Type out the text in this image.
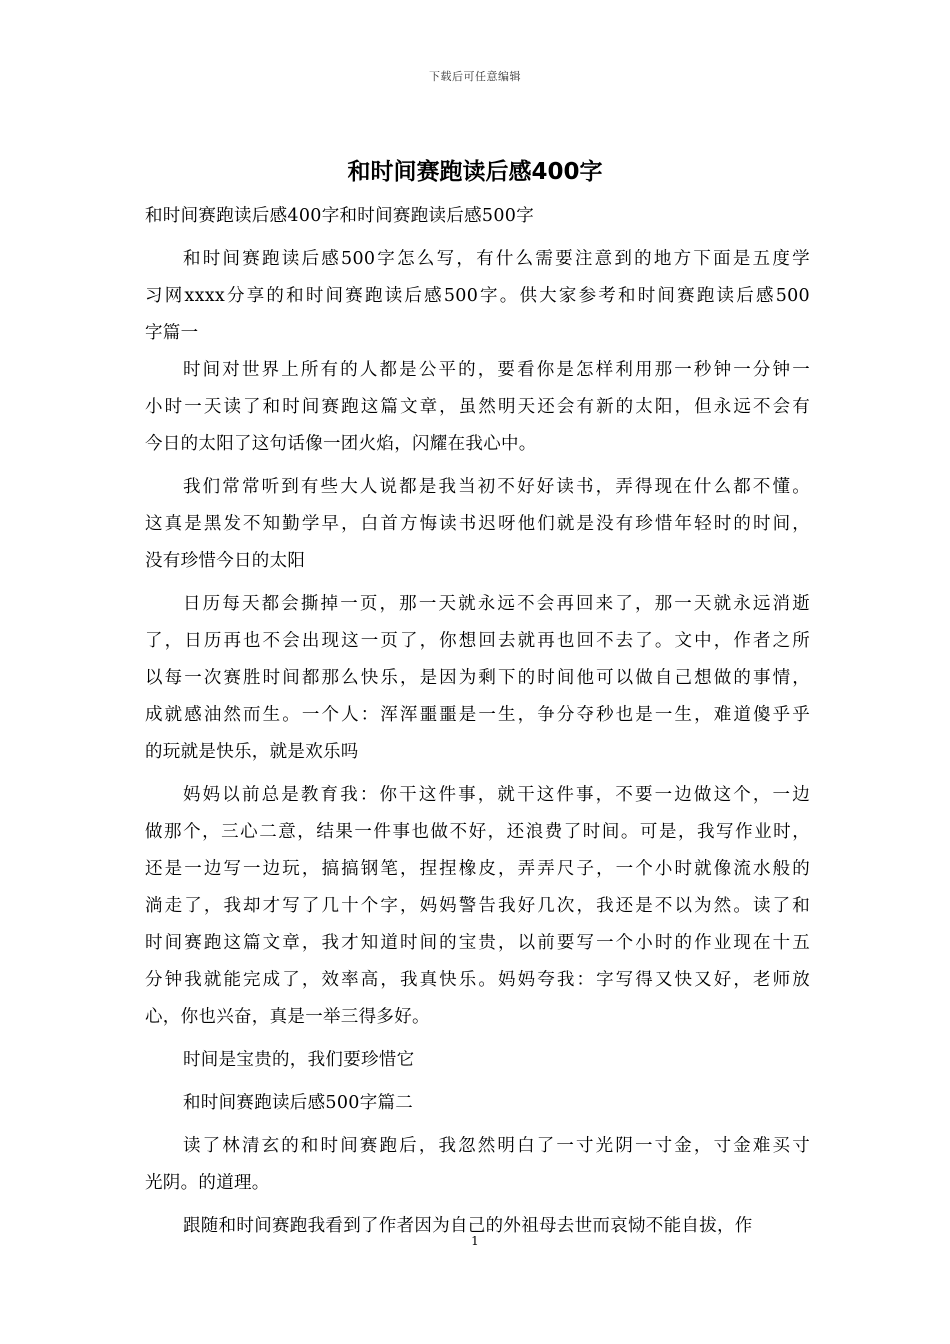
下载后可任意编辑
和时间赛跑读后感400字
和时间赛跑读后感400字和时间赛跑读后感500字
和时间赛跑读后感500字怎么写，有什么需要注意到的地方下面是五度学
习网xxxx分享的和时间赛跑读后感500字。供大家参考和时间赛跑读后感500
字篇一
时间对世界上所有的人都是公平的，要看你是怎样利用那一秒钟一分钟一
小时一天读了和时间赛跑这篇文章，虽然明天还会有新的太阳，但永远不会有
今日的太阳了这句话像一团火焰，闪耀在我心中。
我们常常听到有些大人说都是我当初不好好读书，弄得现在什么都不懂。
这真是黑发不知勤学早，白首方悔读书迟呀他们就是没有珍惜年轻时的时间，
没有珍惜今日的太阳
日历每天都会撕掉一页，那一天就永远不会再回来了，那一天就永远消逝
了，日历再也不会出现这一页了，你想回去就再也回不去了。文中，作者之所
以每一次赛胜时间都那么快乐，是因为剩下的时间他可以做自己想做的事情，
成就感油然而生。一个人：浑浑噩噩是一生，争分夺秒也是一生，难道傻乎乎
的玩就是快乐，就是欢乐吗
妈妈以前总是教育我：你干这件事，就干这件事，不要一边做这个，一边
做那个，三心二意，结果一件事也做不好，还浪费了时间。可是，我写作业时，
还是一边写一边玩，搞搞钢笔，捏捏橡皮，弄弄尺子，一个小时就像流水般的
淌走了，我却才写了几十个字，妈妈警告我好几次，我还是不以为然。读了和
时间赛跑这篇文章，我才知道时间的宝贵，以前要写一个小时的作业现在十五
分钟我就能完成了，效率高，我真快乐。妈妈夸我：字写得又快又好，老师放
心，你也兴奋，真是一举三得多好。
时间是宝贵的，我们要珍惜它
和时间赛跑读后感500字篇二
读了林清玄的和时间赛跑后，我忽然明白了一寸光阴一寸金，寸金难买寸
光阴。的道理。
跟随和时间赛跑我看到了作者因为自己的外祖母去世而哀恸不能自拔，作
1
